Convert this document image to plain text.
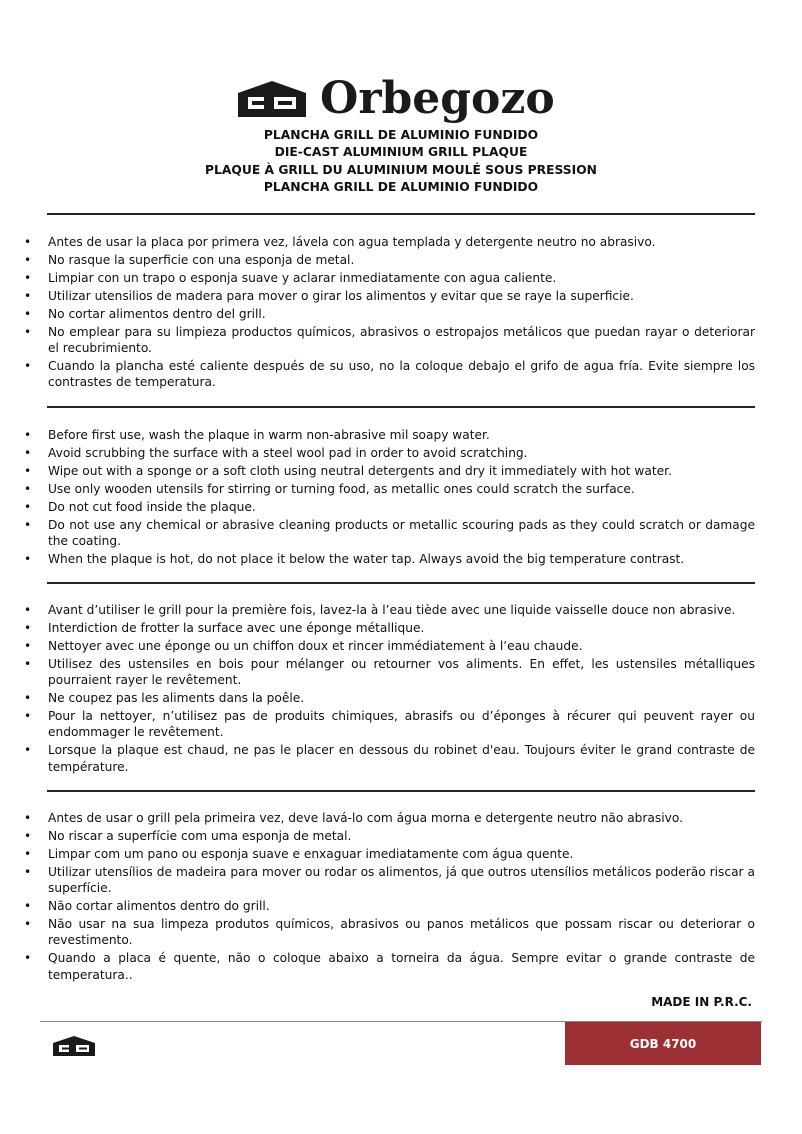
Orbegozo
PLANCHA GRILL DE ALUMINIO FUNDIDO
DIE-CAST ALUMINIUM GRILL PLAQUE
PLAQUE À GRILL DU ALUMINIUM MOULÉ SOUS PRESSION
PLANCHA GRILL DE ALUMINIO FUNDIDO
• Antes de usar la placa por primera vez, lávela con agua templada y detergente neutro no abrasivo.
• No rasque la superficie con una esponja de metal.
• Limpiar con un trapo o esponja suave y aclarar inmediatamente con agua caliente.
• Utilizar utensilios de madera para mover o girar los alimentos y evitar que se raye la superficie.
• No cortar alimentos dentro del grill.
• No emplear para su limpieza productos químicos, abrasivos o estropajos metálicos que puedan rayar o deteriorar el recubrimiento.
• Cuando la plancha esté caliente después de su uso, no la coloque debajo el grifo de agua fría. Evite siempre los contrastes de temperatura.
• Before first use, wash the plaque in warm non-abrasive mil soapy water.
• Avoid scrubbing the surface with a steel wool pad in order to avoid scratching.
• Wipe out with a sponge or a soft cloth using neutral detergents and dry it immediately with hot water.
• Use only wooden utensils for stirring or turning food, as metallic ones could scratch the surface.
• Do not cut food inside the plaque.
• Do not use any chemical or abrasive cleaning products or metallic scouring pads as they could scratch or damage the coating.
• When the plaque is hot, do not place it below the water tap. Always avoid the big temperature contrast.
• Avant d’utiliser le grill pour la première fois, lavez-la à l’eau tiède avec une liquide vaisselle douce non abrasive.
• Interdiction de frotter la surface avec une éponge métallique.
• Nettoyer avec une éponge ou un chiffon doux et rincer immédiatement à l’eau chaude.
• Utilisez des ustensiles en bois pour mélanger ou retourner vos aliments. En effet, les ustensiles métalliques pourraient rayer le revêtement.
• Ne coupez pas les aliments dans la poêle.
• Pour la nettoyer, n’utilisez pas de produits chimiques, abrasifs ou d’éponges à récurer qui peuvent rayer ou endommager le revêtement.
• Lorsque la plaque est chaud, ne pas le placer en dessous du robinet d'eau. Toujours éviter le grand contraste de température.
• Antes de usar o grill pela primeira vez, deve lavá-lo com água morna e detergente neutro não abrasivo.
• No riscar a superfície com uma esponja de metal.
• Limpar com um pano ou esponja suave e enxaguar imediatamente com água quente.
• Utilizar utensílios de madeira para mover ou rodar os alimentos, já que outros utensílios metálicos poderão riscar a superfície.
• Não cortar alimentos dentro do grill.
• Não usar na sua limpeza produtos químicos, abrasivos ou panos metálicos que possam riscar ou deteriorar o revestimento.
• Quando a placa é quente, não o coloque abaixo a torneira da água. Sempre evitar o grande contraste de temperatura..
MADE IN P.R.C.
GDB 4700
